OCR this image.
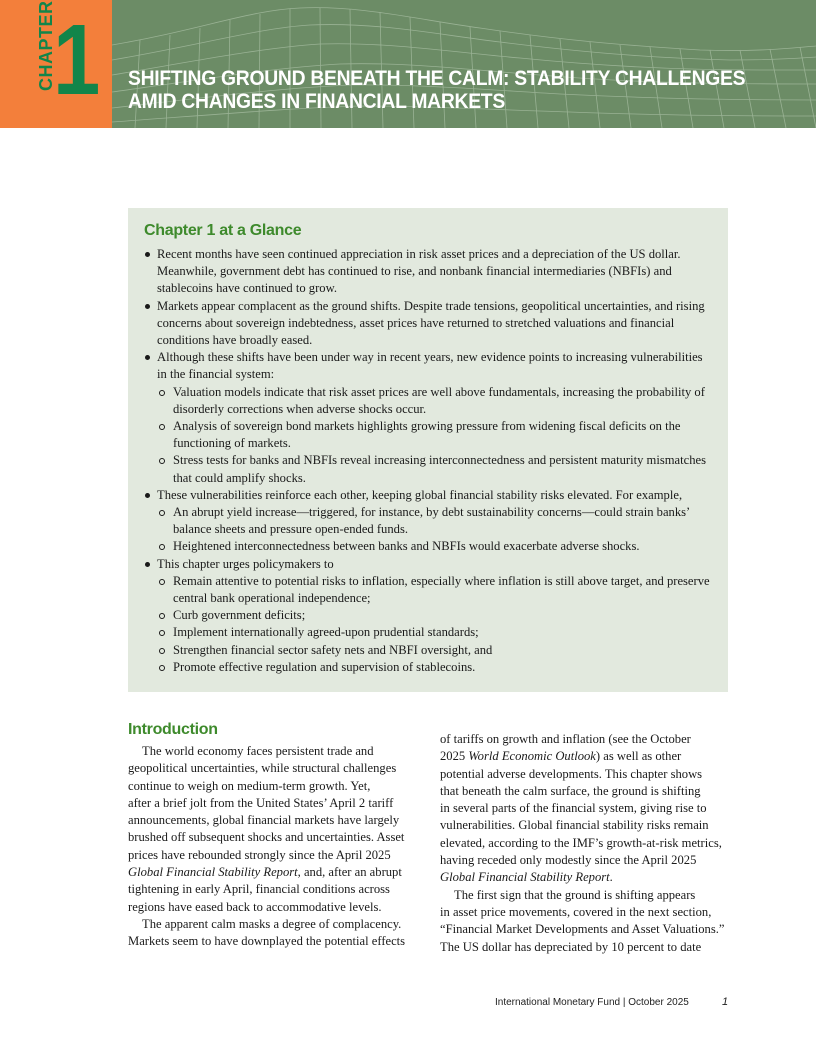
CHAPTER
1 SHIFTING GROUND BENEATH THE CALM: STABILITY CHALLENGES
AMID CHANGES IN FINANCIAL MARKETS
Chapter 1 at a Glance
Recent months have seen continued appreciation in risk asset prices and a depreciation of the US dollar. Meanwhile, government debt has continued to rise, and nonbank financial intermediaries (NBFIs) and stablecoins have continued to grow.
Markets appear complacent as the ground shifts. Despite trade tensions, geopolitical uncertainties, and rising concerns about sovereign indebtedness, asset prices have returned to stretched valuations and financial conditions have broadly eased.
Although these shifts have been under way in recent years, new evidence points to increasing vulnerabilities in the financial system:
Valuation models indicate that risk asset prices are well above fundamentals, increasing the probability of disorderly corrections when adverse shocks occur.
Analysis of sovereign bond markets highlights growing pressure from widening fiscal deficits on the functioning of markets.
Stress tests for banks and NBFIs reveal increasing interconnectedness and persistent maturity mismatches that could amplify shocks.
These vulnerabilities reinforce each other, keeping global financial stability risks elevated. For example,
An abrupt yield increase—triggered, for instance, by debt sustainability concerns—could strain banks’ balance sheets and pressure open-ended funds.
Heightened interconnectedness between banks and NBFIs would exacerbate adverse shocks.
This chapter urges policymakers to
Remain attentive to potential risks to inflation, especially where inflation is still above target, and preserve central bank operational independence;
Curb government deficits;
Implement internationally agreed-upon prudential standards;
Strengthen financial sector safety nets and NBFI oversight, and
Promote effective regulation and supervision of stablecoins.
Introduction
The world economy faces persistent trade and
geopolitical uncertainties, while structural challenges
continue to weigh on medium-term growth. Yet,
after a brief jolt from the United States’ April 2 tariff
announcements, global financial markets have largely
brushed off subsequent shocks and uncertainties. Asset
prices have rebounded strongly since the April 2025
Global Financial Stability Report, and, after an abrupt
tightening in early April, financial conditions across
regions have eased back to accommodative levels.
The apparent calm masks a degree of complacency.
Markets seem to have downplayed the potential effects
of tariffs on growth and inflation (see the October
2025 World Economic Outlook) as well as other
potential adverse developments. This chapter shows
that beneath the calm surface, the ground is shifting
in several parts of the financial system, giving rise to
vulnerabilities. Global financial stability risks remain
elevated, according to the IMF’s growth-at-risk metrics,
having receded only modestly since the April 2025
Global Financial Stability Report.
The first sign that the ground is shifting appears
in asset price movements, covered in the next section,
“Financial Market Developments and Asset Valuations.”
The US dollar has depreciated by 10 percent to date
International Monetary Fund | October 2025	1
